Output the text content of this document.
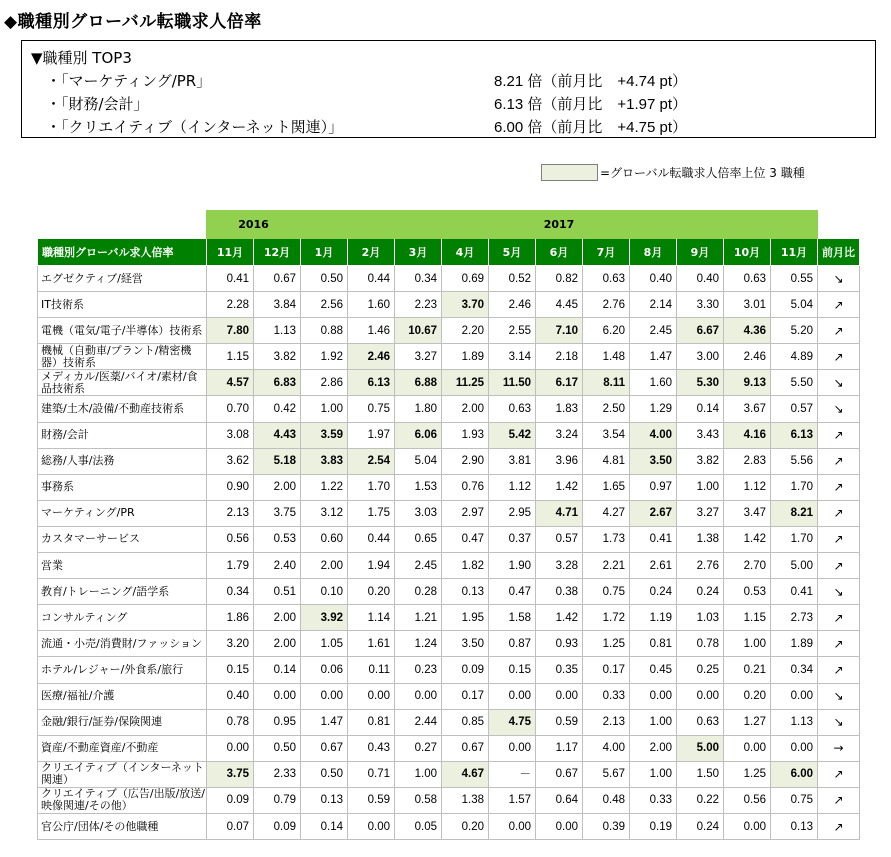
◆職種別グローバル転職求人倍率
▼職種別 TOP3
・「マーケティング/PR」	8.21 倍（前月比　+4.74 pt）
・「財務/会計」	6.13 倍（前月比　+1.97 pt）
・「クリエイティブ（インターネット関連）」	6.00 倍（前月比　+4.75 pt）
=グローバル転職求人倍率上位 3 職種
	2016		2017											
職種別グローバル求人倍率	11月	12月	1月	2月	3月	4月	5月	6月	7月	8月	9月	10月	11月	前月比
エグゼクティブ/経営	0.41	0.67	0.50	0.44	0.34	0.69	0.52	0.82	0.63	0.40	0.40	0.63	0.55	↘
IT技術系	2.28	3.84	2.56	1.60	2.23	3.70	2.46	4.45	2.76	2.14	3.30	3.01	5.04	↗
電機（電気/電子/半導体）技術系	7.80	1.13	0.88	1.46	10.67	2.20	2.55	7.10	6.20	2.45	6.67	4.36	5.20	↗
機械（自動車/プラント/精密機器）技術系	1.15	3.82	1.92	2.46	3.27	1.89	3.14	2.18	1.48	1.47	3.00	2.46	4.89	↗
メディカル/医薬/バイオ/素材/食品技術系	4.57	6.83	2.86	6.13	6.88	11.25	11.50	6.17	8.11	1.60	5.30	9.13	5.50	↘
建築/土木/設備/不動産技術系	0.70	0.42	1.00	0.75	1.80	2.00	0.63	1.83	2.50	1.29	0.14	3.67	0.57	↘
財務/会計	3.08	4.43	3.59	1.97	6.06	1.93	5.42	3.24	3.54	4.00	3.43	4.16	6.13	↗
総務/人事/法務	3.62	5.18	3.83	2.54	5.04	2.90	3.81	3.96	4.81	3.50	3.82	2.83	5.56	↗
事務系	0.90	2.00	1.22	1.70	1.53	0.76	1.12	1.42	1.65	0.97	1.00	1.12	1.70	↗
マーケティング/PR	2.13	3.75	3.12	1.75	3.03	2.97	2.95	4.71	4.27	2.67	3.27	3.47	8.21	↗
カスタマーサービス	0.56	0.53	0.60	0.44	0.65	0.47	0.37	0.57	1.73	0.41	1.38	1.42	1.70	↗
営業	1.79	2.40	2.00	1.94	2.45	1.82	1.90	3.28	2.21	2.61	2.76	2.70	5.00	↗
教育/トレーニング/語学系	0.34	0.51	0.10	0.20	0.28	0.13	0.47	0.38	0.75	0.24	0.24	0.53	0.41	↘
コンサルティング	1.86	2.00	3.92	1.14	1.21	1.95	1.58	1.42	1.72	1.19	1.03	1.15	2.73	↗
流通・小売/消費財/ファッション	3.20	2.00	1.05	1.61	1.24	3.50	0.87	0.93	1.25	0.81	0.78	1.00	1.89	↗
ホテル/レジャー/外食系/旅行	0.15	0.14	0.06	0.11	0.23	0.09	0.15	0.35	0.17	0.45	0.25	0.21	0.34	↗
医療/福祉/介護	0.40	0.00	0.00	0.00	0.00	0.17	0.00	0.00	0.33	0.00	0.00	0.20	0.00	↘
金融/銀行/証券/保険関連	0.78	0.95	1.47	0.81	2.44	0.85	4.75	0.59	2.13	1.00	0.63	1.27	1.13	↘
資産/不動産資産/不動産	0.00	0.50	0.67	0.43	0.27	0.67	0.00	1.17	4.00	2.00	5.00	0.00	0.00	→
クリエイティブ（インターネット関連）	3.75	2.33	0.50	0.71	1.00	4.67	－	0.67	5.67	1.00	1.50	1.25	6.00	↗
クリエイティブ（広告/出版/放送/映像関連/その他）	0.09	0.79	0.13	0.59	0.58	1.38	1.57	0.64	0.48	0.33	0.22	0.56	0.75	↗
官公庁/団体/その他職種	0.07	0.09	0.14	0.00	0.05	0.20	0.00	0.00	0.39	0.19	0.24	0.00	0.13	↗
